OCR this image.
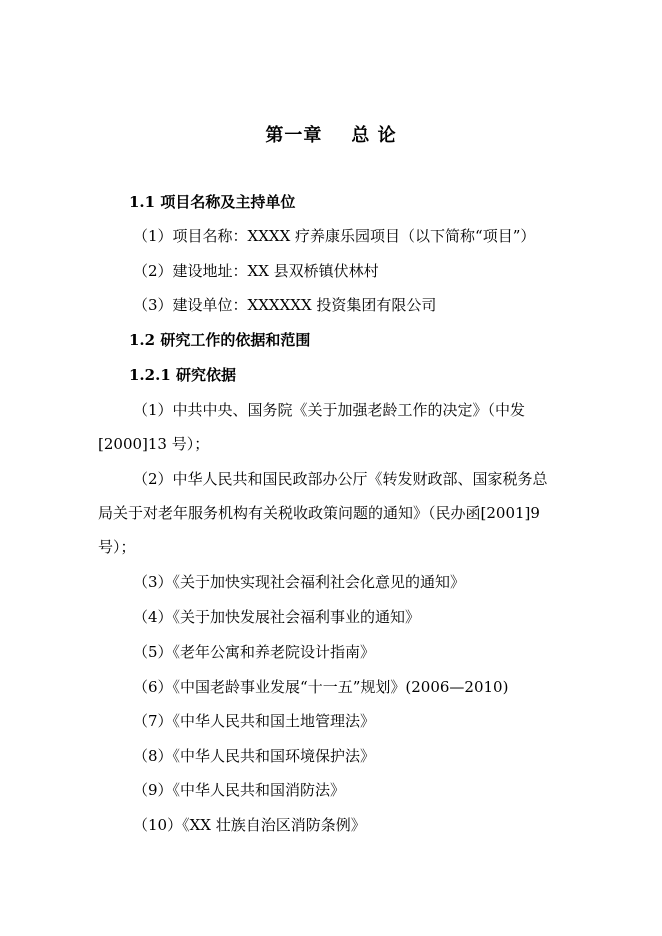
第一章    总 论
1.1 项目名称及主持单位
（1）项目名称：XXXX 疗养康乐园项目（以下简称“项目”）
（2）建设地址：XX 县双桥镇伏林村
（3）建设单位：XXXXXX 投资集团有限公司
1.2 研究工作的依据和范围
1.2.1 研究依据
（1）中共中央、国务院《关于加强老龄工作的决定》（中发
[2000]13 号）；
（2）中华人民共和国民政部办公厅《转发财政部、国家税务总
局关于对老年服务机构有关税收政策问题的通知》（民办函[2001]9
号）；
（3）《关于加快实现社会福利社会化意见的通知》
（4）《关于加快发展社会福利事业的通知》
（5）《老年公寓和养老院设计指南》
（6）《中国老龄事业发展“十一五”规划》(2006—2010)
（7）《中华人民共和国土地管理法》
（8）《中华人民共和国环境保护法》
（9）《中华人民共和国消防法》
（10）《XX 壮族自治区消防条例》
